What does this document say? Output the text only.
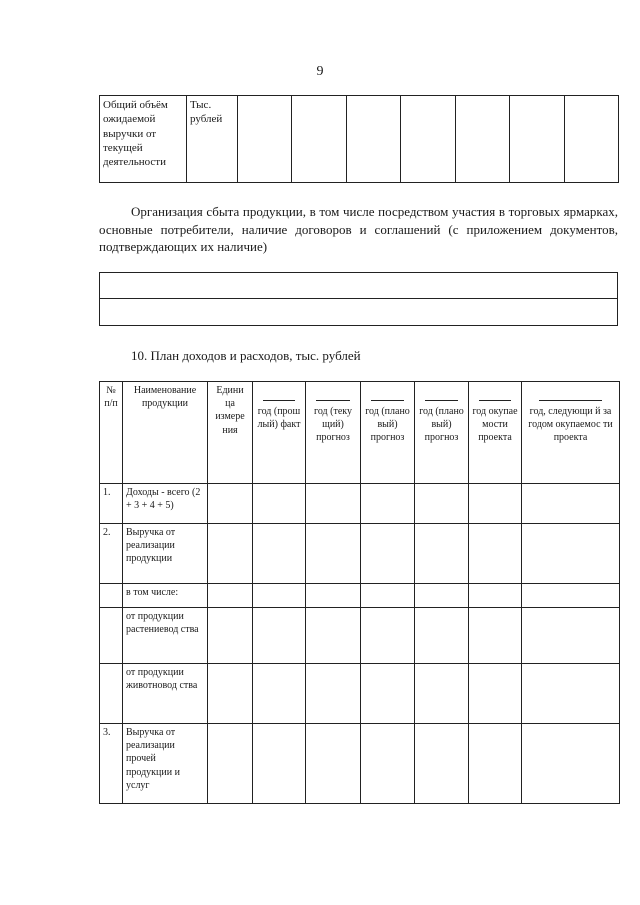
9
Общий объём ожидаемой выручки от текущей деятельности	Тыс. рублей							

Организация сбыта продукции, в том числе посредством участия в торговых ярмарках, основные потребители, наличие договоров и соглашений (с приложением документов, подтверждающих их наличие)

10. План доходов и расходов, тыс. рублей
№ п/п	Наименование продукции	Едини ца измере ния	год (прош лый) факт	год (теку щий) прогноз	год (плано вый) прогноз	год (плано вый) прогноз	год окупае мости проекта	год, следующи й за годом окупаемос ти проекта
1.	Доходы - всего (2 + 3 + 4 + 5)							
2.	Выручка от реализации продукции							
	в том числе:							
	от продукции растениевод ства							
	от продукции животновод ства							
3.	Выручка от реализации прочей продукции и услуг							
